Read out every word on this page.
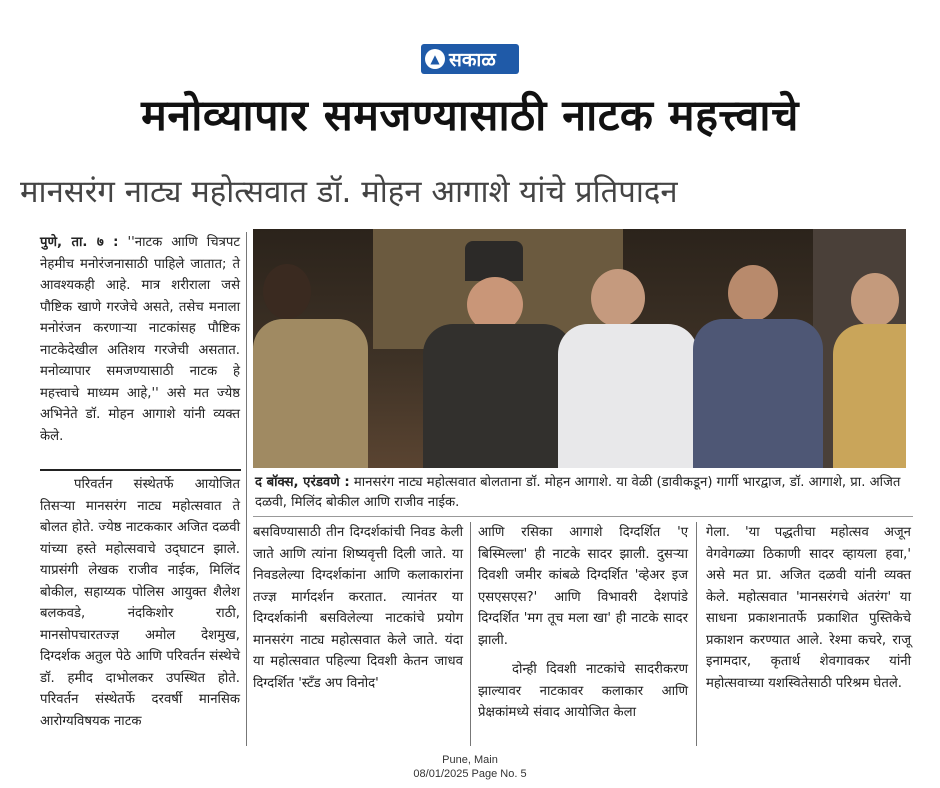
▲ सकाळ
मनोव्यापार समजण्यासाठी नाटक महत्त्वाचे
मानसरंग नाट्य महोत्सवात डॉ. मोहन आगाशे यांचे प्रतिपादन

पुणे, ता. ७ : ''नाटक आणि चित्रपट नेहमीच मनोरंजनासाठी पाहिले जातात; ते आवश्यकही आहे. मात्र शरीराला जसे पौष्टिक खाणे गरजेचे असते, तसेच मनाला मनोरंजन करणाऱ्या नाटकांसह पौष्टिक नाटकेदेखील अतिशय गरजेची असतात. मनोव्यापार समजण्यासाठी नाटक हे महत्त्वाचे माध्यम आहे,'' असे मत ज्येष्ठ अभिनेते डॉ. मोहन आगाशे यांनी व्यक्त केले.

परिवर्तन संस्थेतर्फे आयोजित तिसऱ्या मानसरंग नाट्य महोत्सवात ते बोलत होते. ज्येष्ठ नाटककार अजित दळवी यांच्या हस्ते महोत्सवाचे उद्‍घाटन झाले. याप्रसंगी लेखक राजीव नाईक, मिलिंद बोकील, सहाय्यक पोलिस आयुक्त शैलेश बलकवडे, नंदकिशोर राठी, मानसोपचारतज्ज्ञ अमोल देशमुख, दिग्दर्शक अतुल पेठे आणि परिवर्तन संस्थेचे डॉ. हमीद दाभोलकर उपस्थित होते. परिवर्तन संस्थेतर्फे दरवर्षी मानसिक आरोग्यविषयक नाटक

द बॉक्स, एरंडवणे : मानसरंग नाट्य महोत्सवात बोलताना डॉ. मोहन आगाशे. या वेळी (डावीकडून) गार्गी भारद्वाज, डॉ. आगाशे, प्रा. अजित दळवी, मिलिंद बोकील आणि राजीव नाईक.

बसविण्यासाठी तीन दिग्दर्शकांची निवड केली जाते आणि त्यांना शिष्यवृत्ती दिली जाते. या निवडलेल्या दिग्दर्शकांना आणि कलाकारांना तज्ज्ञ मार्गदर्शन करतात. त्यानंतर या दिग्दर्शकांनी बसविलेल्या नाटकांचे प्रयोग मानसरंग नाट्य महोत्सवात केले जाते. यंदा या महोत्सवात पहिल्या दिवशी केतन जाधव दिग्दर्शित 'स्टँड अप विनोद'

आणि रसिका आगाशे दिग्दर्शित 'ए बिस्मिल्ला' ही नाटके सादर झाली. दुसऱ्या दिवशी जमीर कांबळे दिग्दर्शित 'व्हेअर इज एसएसएस?' आणि विभावरी देशपांडे दिग्दर्शित 'मग तूच मला खा' ही नाटके सादर झाली.

दोन्ही दिवशी नाटकांचे सादरीकरण झाल्यावर नाटकावर कलाकार आणि प्रेक्षकांमध्ये संवाद आयोजित केला

गेला. 'या पद्धतीचा महोत्सव अजून वेगवेगळ्या ठिकाणी सादर व्हायला हवा,' असे मत प्रा. अजित दळवी यांनी व्यक्त केले. महोत्सवात 'मानसरंगचे अंतरंग' या साधना प्रकाशनातर्फे प्रकाशित पुस्तिकेचे प्रकाशन करण्यात आले. रेश्मा कचरे, राजू इनामदार, कृतार्थ शेवगावकर यांनी महोत्सवाच्या यशस्वितेसाठी परिश्रम घेतले.

Pune, Main
08/01/2025 Page No. 5
